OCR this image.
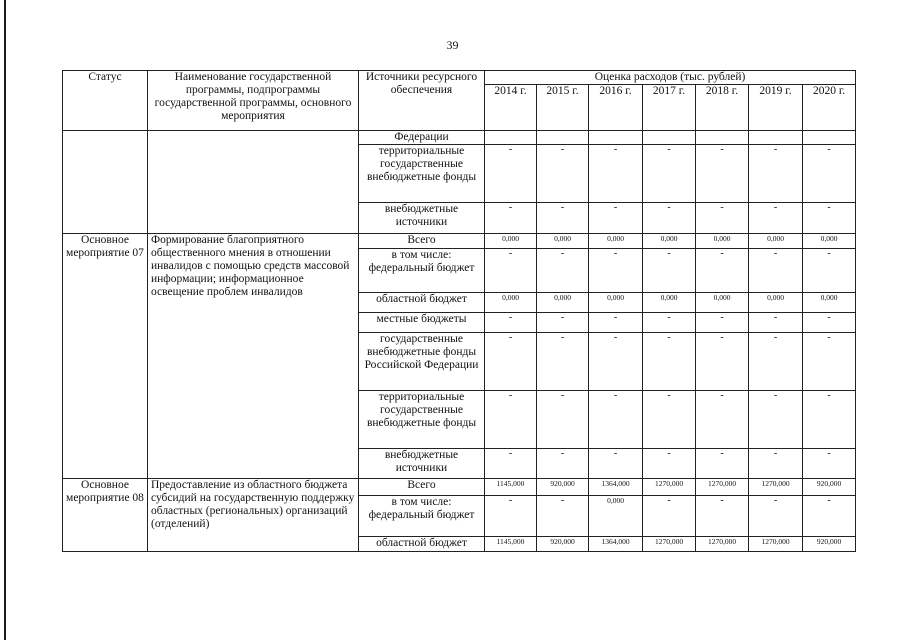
39
Статус	Наименование государственной программы, подпрограммы государственной программы, основного мероприятия	Источники ресурсного обеспечения	Оценка расходов (тыс. рублей)						
			2014 г.	2015 г.	2016 г.	2017 г.	2018 г.	2019 г.	2020 г.
		Федерации							
		территориальные государственные внебюджетные фонды	-	-	-	-	-	-	-
		внебюджетные источники	-	-	-	-	-	-	-
Основное мероприятие 07	Формирование благоприятного общественного мнения в отношении инвалидов с помощью средств массовой информации; информационное освещение проблем инвалидов	Всего	0,000	0,000	0,000	0,000	0,000	0,000	0,000
		в том числе: федеральный бюджет	-	-	-	-	-	-	-
		областной бюджет	0,000	0,000	0,000	0,000	0,000	0,000	0,000
		местные бюджеты	-	-	-	-	-	-	-
		государственные внебюджетные фонды Российской Федерации	-	-	-	-	-	-	-
		территориальные государственные внебюджетные фонды	-	-	-	-	-	-	-
		внебюджетные источники	-	-	-	-	-	-	-
Основное мероприятие 08	Предоставление из областного бюджета субсидий на государственную поддержку областных (региональных) организаций (отделений)	Всего	1145,000	920,000	1364,000	1270,000	1270,000	1270,000	920,000
		в том числе: федеральный бюджет	-	-	0,000	-	-	-	-
		областной бюджет	1145,000	920,000	1364,000	1270,000	1270,000	1270,000	920,000
